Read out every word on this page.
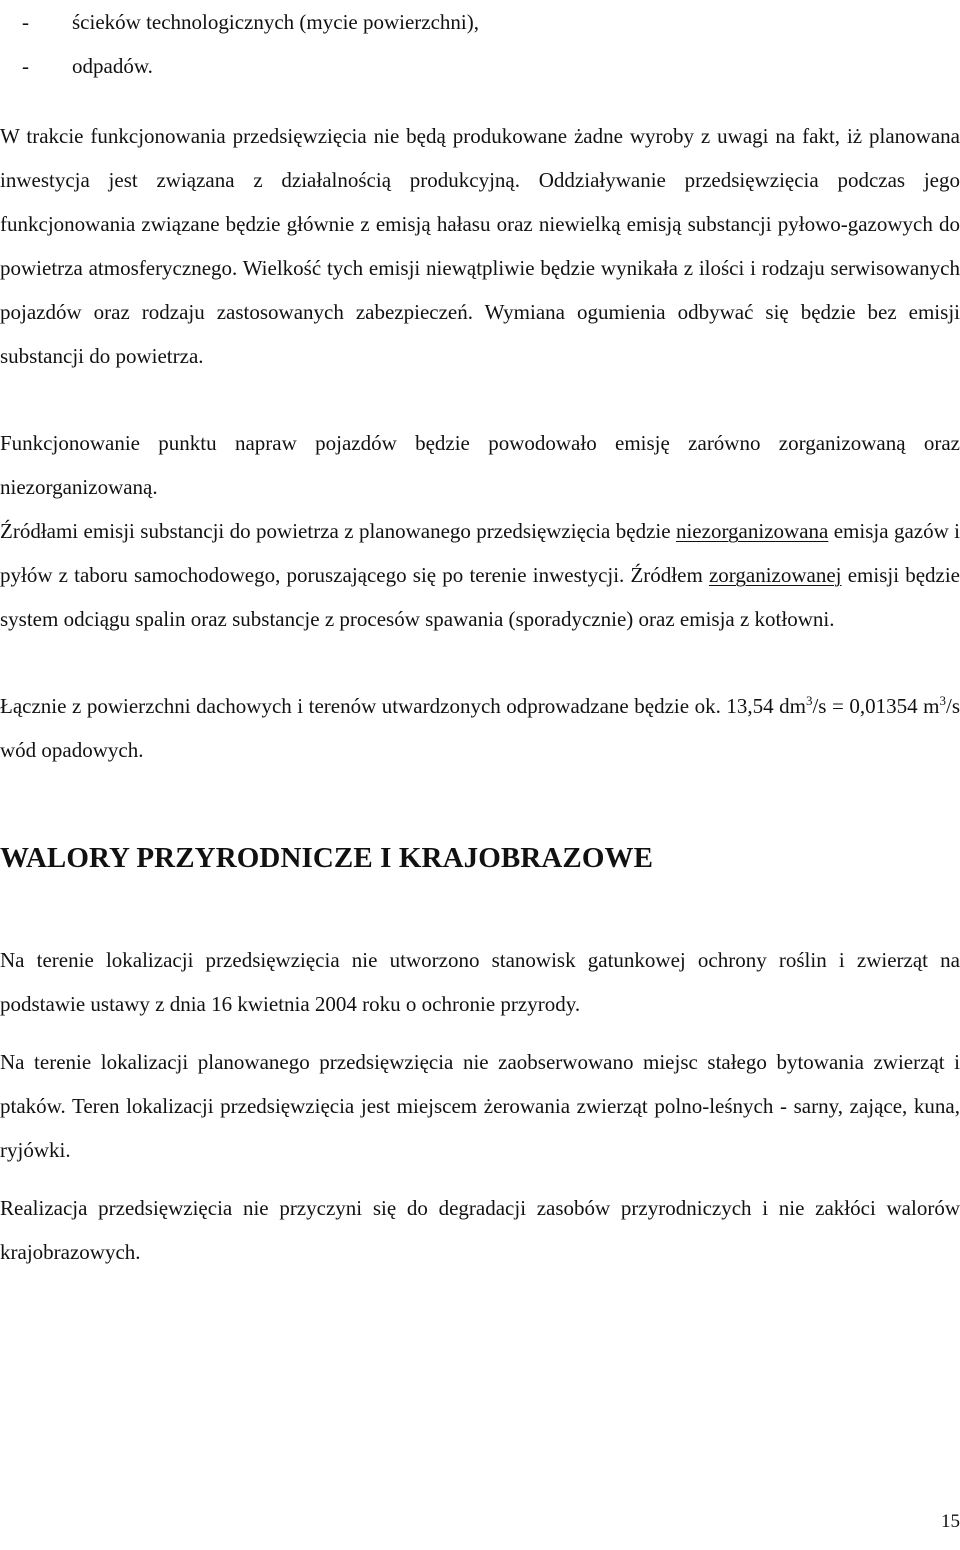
- ścieków technologicznych (mycie powierzchni),
- odpadów.

W trakcie funkcjonowania przedsięwzięcia nie będą produkowane żadne wyroby z uwagi na fakt, iż planowana inwestycja jest związana z działalnością produkcyjną. Oddziaływanie przedsięwzięcia podczas jego funkcjonowania związane będzie głównie z emisją hałasu oraz niewielką emisją substancji pyłowo-gazowych do powietrza atmosferycznego. Wielkość tych emisji niewątpliwie będzie wynikała z ilości i rodzaju serwisowanych pojazdów oraz rodzaju zastosowanych zabezpieczeń. Wymiana ogumienia odbywać się będzie bez emisji substancji do powietrza.

Funkcjonowanie punktu napraw pojazdów będzie powodowało emisję zarówno zorganizowaną oraz niezorganizowaną.

Źródłami emisji substancji do powietrza z planowanego przedsięwzięcia będzie niezorganizowana emisja gazów i pyłów z taboru samochodowego, poruszającego się po terenie inwestycji. Źródłem zorganizowanej emisji będzie system odciągu spalin oraz substancje z procesów spawania (sporadycznie) oraz emisja z kotłowni.

Łącznie z powierzchni dachowych i terenów utwardzonych odprowadzane będzie ok. 13,54 $dm^3/s = 0,01354$ $m^3/s$ wód opadowych.

WALORY PRZYRODNICZE I KRAJOBRAZOWE

Na terenie lokalizacji przedsięwzięcia nie utworzono stanowisk gatunkowej ochrony roślin i zwierząt na podstawie ustawy z dnia 16 kwietnia 2004 roku o ochronie przyrody.

Na terenie lokalizacji planowanego przedsięwzięcia nie zaobserwowano miejsc stałego bytowania zwierząt i ptaków. Teren lokalizacji przedsięwzięcia jest miejscem żerowania zwierząt polno-leśnych - sarny, zające, kuna, ryjówki.

Realizacja przedsięwzięcia nie przyczyni się do degradacji zasobów przyrodniczych i nie zakłóci walorów krajobrazowych.

15
